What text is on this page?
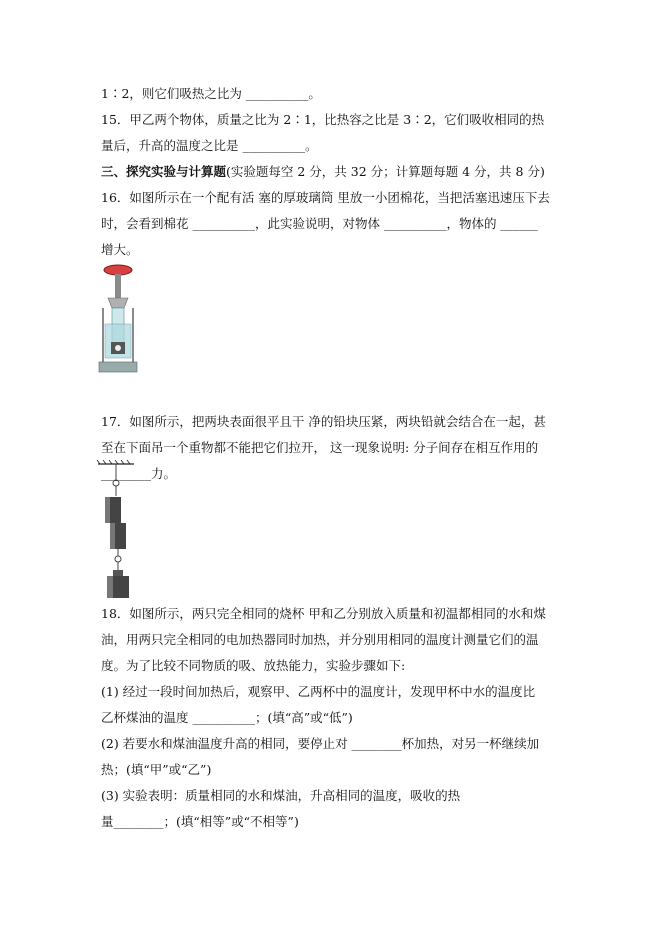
1∶2，则它们吸热之比为 __________。
15．甲乙两个物体，质量之比为 2∶1，比热容之比是 3∶2，它们吸收相同的热
量后，升高的温度之比是 __________。
三、探究实验与计算题(实验题每空 2 分，共 32 分；计算题每题 4 分，共 8 分)
16．如图所示在一个配有活 塞的厚玻璃筒 里放一小团棉花，当把活塞迅速压下去
时，会看到棉花 __________，此实验说明，对物体 __________，物体的 ______
增大。
17．如图所示，把两块表面很平且干 净的铅块压紧，两块铅就会结合在一起，甚
至在下面吊一个重物都不能把它们拉开， 这一现象说明: 分子间存在相互作用的
________力。
18．如图所示，两只完全相同的烧杯 甲和乙分别放入质量和初温都相同的水和煤
油，用两只完全相同的电加热器同时加热，并分别用相同的温度计测量它们的温
度。为了比较不同物质的吸、放热能力，实验步骤如下:
(1) 经过一段时间加热后，观察甲、乙两杯中的温度计，发现甲杯中水的温度比
乙杯煤油的温度 __________；(填“高”或“低”)
(2) 若要水和煤油温度升高的相同，要停止对 ________杯加热，对另一杯继续加
热；(填“甲”或“乙”)
(3) 实验表明：质量相同的水和煤油，升高相同的温度，吸收的热
量________；(填“相等”或“不相等”)
